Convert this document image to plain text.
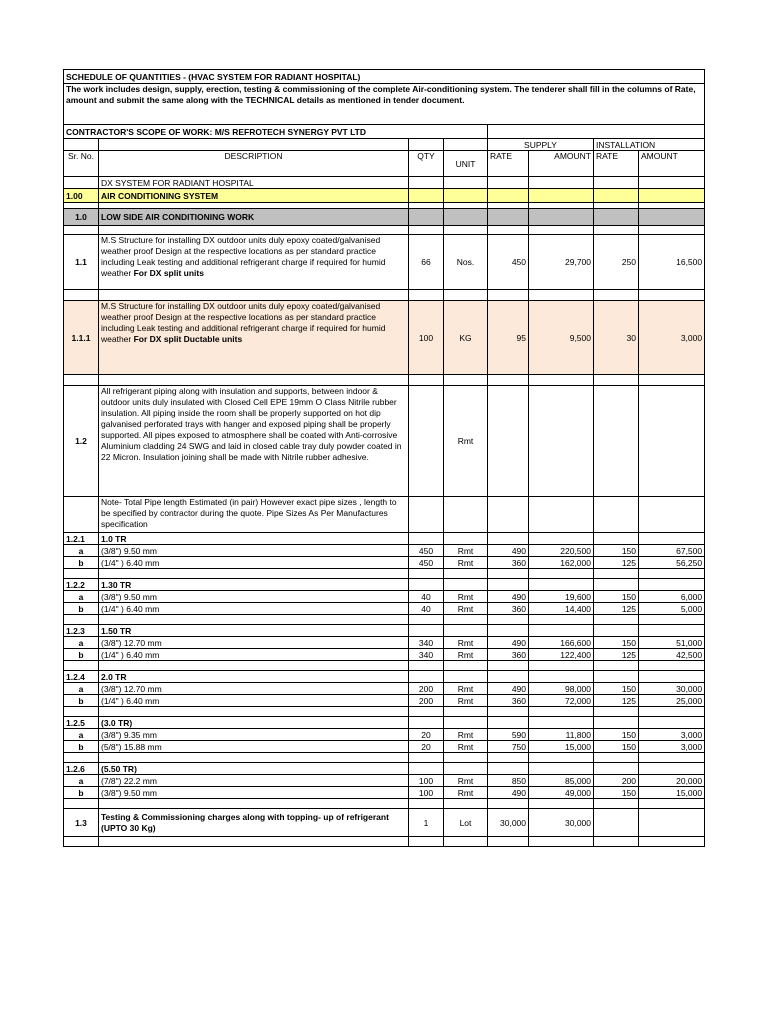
SCHEDULE OF QUANTITIES - (HVAC SYSTEM FOR RADIANT HOSPITAL)							
The work includes design, supply, erection, testing & commissioning of the complete Air-conditioning system. The tenderer shall fill in the columns of Rate, amount and submit the same along with the TECHNICAL details as mentioned in tender document.							
CONTRACTOR'S SCOPE OF WORK: M/S REFROTECH SYNERGY PVT LTD							
				SUPPLY		INSTALLATION	
Sr. No.	DESCRIPTION	QTY	UNIT	RATE	AMOUNT	RATE	AMOUNT
	DX SYSTEM FOR RADIANT HOSPITAL						
1.00	AIR CONDITIONING SYSTEM						

1.0	LOW SIDE AIR CONDITIONING WORK						

1.1	M.S Structure for installing DX outdoor units duly epoxy coated/galvanised weather proof Design at the respective locations as per standard practice including Leak testing and additional refrigerant charge if required for humid weather For DX split units	66	Nos.	450	29,700	250	16,500

1.1.1	M.S Structure for installing DX outdoor units duly epoxy coated/galvanised weather proof Design at the respective locations as per standard practice including Leak testing and additional refrigerant charge if required for humid weather For DX split Ductable units	100	KG	95	9,500	30	3,000

1.2	All refrigerant piping along with insulation and supports, between indoor & outdoor units duly insulated with Closed Cell EPE 19mm O Class Nitrile rubber insulation. All piping inside the room shall be properly supported on hot dip galvanised perforated trays with hanger and exposed piping shall be properly supported. All pipes exposed to atmosphere shall be coated with Anti-corrosive Aluminium cladding 24 SWG and laid in closed cable tray duly powder coated in 22 Micron. Insulation joining shall be made with Nitrile rubber adhesive.		Rmt				
	Note- Total Pipe length Estimated (in pair) However exact pipe sizes , length to be specified by contractor during the quote. Pipe Sizes As Per Manufactures specification						
1.2.1	1.0 TR						
a	(3/8") 9.50 mm	450	Rmt	490	220,500	150	67,500
b	(1/4" ) 6.40 mm	450	Rmt	360	162,000	125	56,250

1.2.2	1.30 TR						
a	(3/8") 9.50 mm	40	Rmt	490	19,600	150	6,000
b	(1/4" ) 6.40 mm	40	Rmt	360	14,400	125	5,000

1.2.3	1.50 TR						
a	(3/8") 12.70 mm	340	Rmt	490	166,600	150	51,000
b	(1/4" ) 6.40 mm	340	Rmt	360	122,400	125	42,500

1.2.4	2.0 TR						
a	(3/8") 12.70 mm	200	Rmt	490	98,000	150	30,000
b	(1/4" ) 6.40 mm	200	Rmt	360	72,000	125	25,000

1.2.5	(3.0 TR)						
a	(3/8") 9.35 mm	20	Rmt	590	11,800	150	3,000
b	(5/8") 15.88 mm	20	Rmt	750	15,000	150	3,000

1.2.6	(5.50 TR)						
a	(7/8") 22.2 mm	100	Rmt	850	85,000	200	20,000
b	(3/8") 9.50 mm	100	Rmt	490	49,000	150	15,000

1.3	Testing & Commissioning charges along with topping- up of refrigerant (UPTO 30 Kg)	1	Lot	30,000	30,000		
